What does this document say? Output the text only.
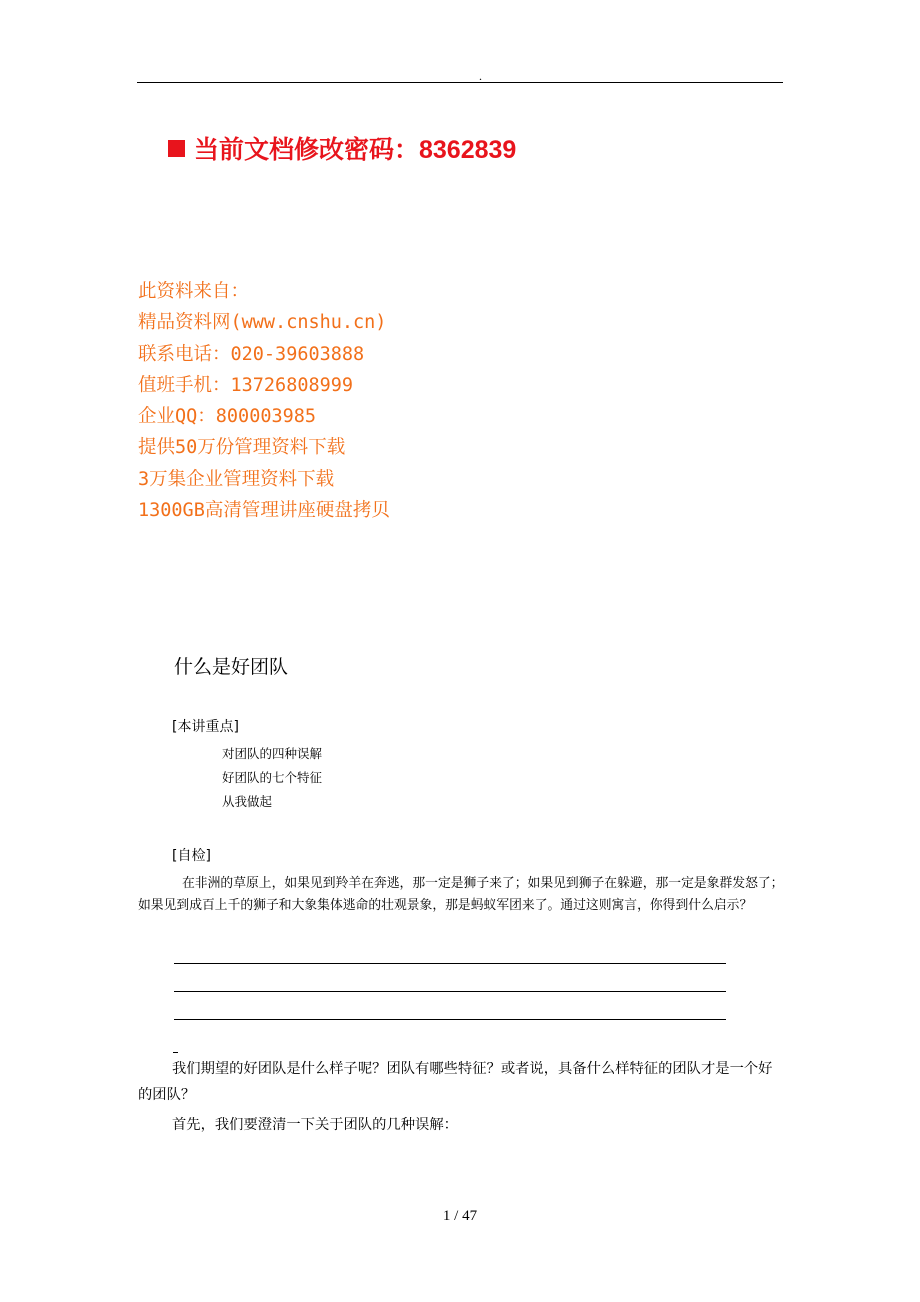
.
当前文档修改密码：8362839
此资料来自：
精品资料网(www.cnshu.cn)
联系电话：020-39603888
值班手机：13726808999
企业QQ：800003985
提供50万份管理资料下载
3万集企业管理资料下载
1300GB高清管理讲座硬盘拷贝
什么是好团队
[本讲重点]
对团队的四种误解
好团队的七个特征
从我做起
[自检]
在非洲的草原上，如果见到羚羊在奔逃，那一定是狮子来了；如果见到狮子在躲避，那一定是象群发怒了；如果见到成百上千的狮子和大象集体逃命的壮观景象，那是蚂蚁军团来了。通过这则寓言，你得到什么启示？
我们期望的好团队是什么样子呢？团队有哪些特征？或者说，具备什么样特征的团队才是一个好的团队？
首先，我们要澄清一下关于团队的几种误解：
1 / 47
